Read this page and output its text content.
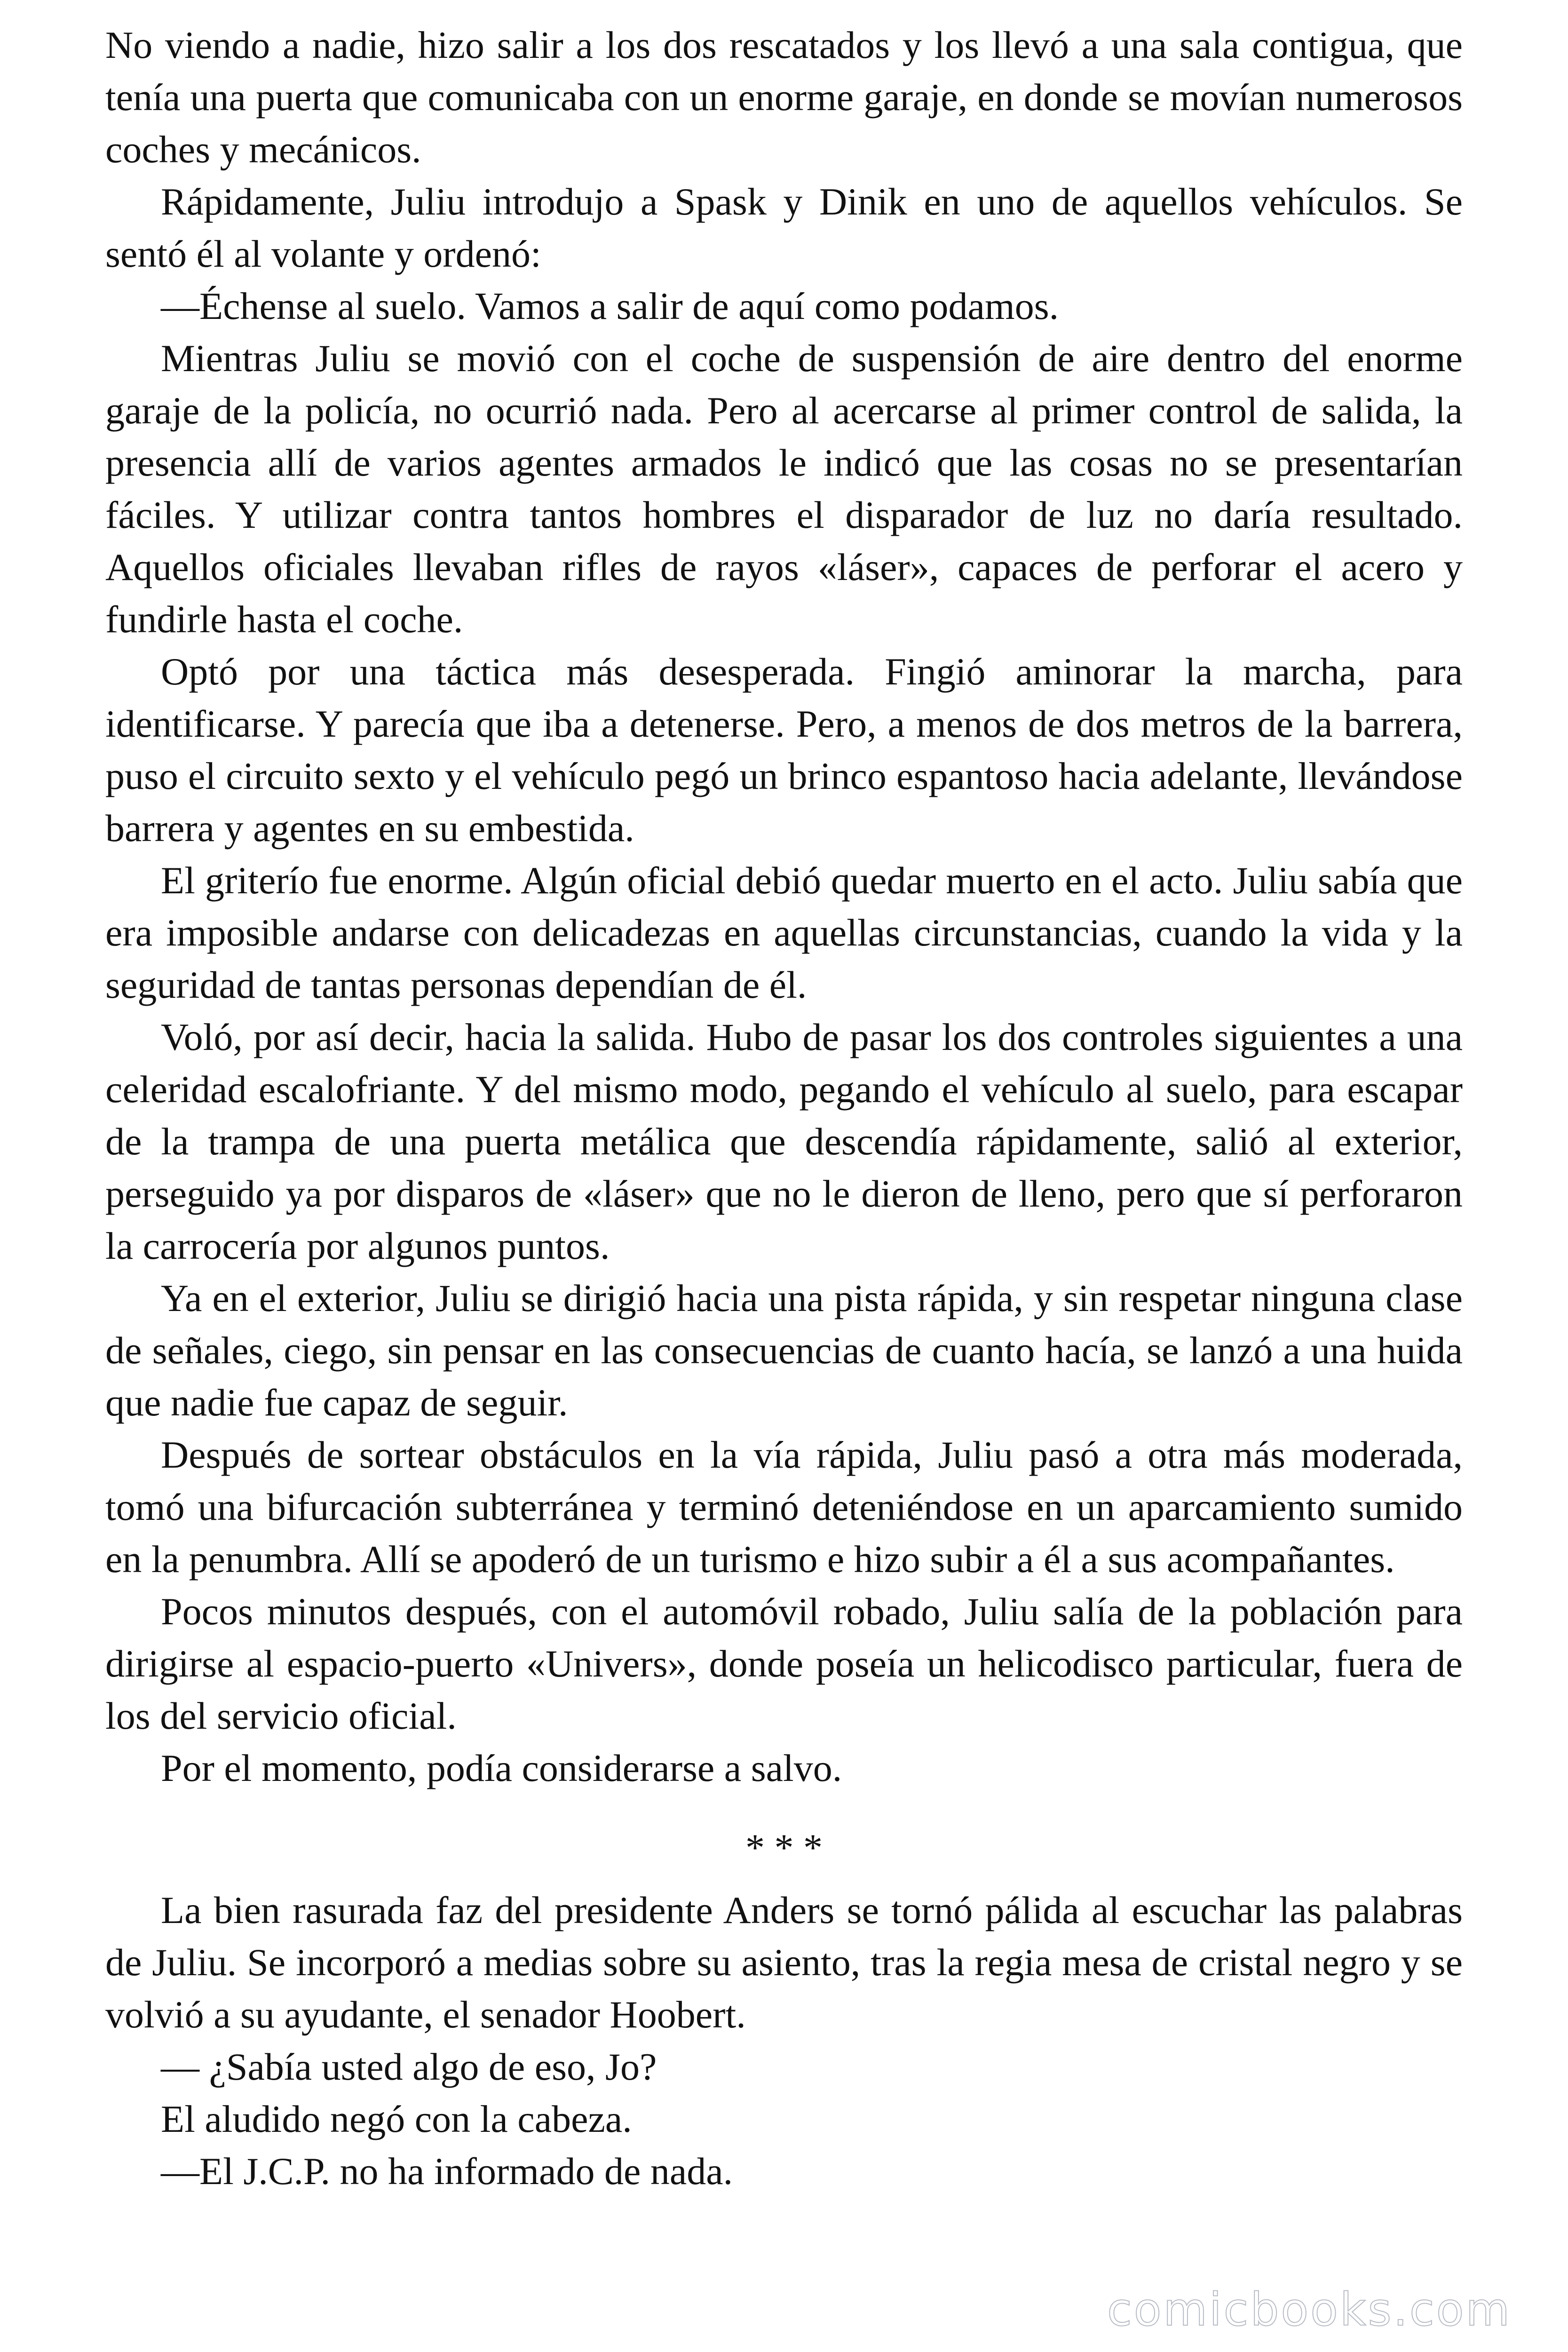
No viendo a nadie, hizo salir a los dos rescatados y los llevó a una sala contigua, que tenía una puerta que comunicaba con un enorme garaje, en donde se movían numerosos coches y mecánicos.

Rápidamente, Juliu introdujo a Spask y Dinik en uno de aquellos vehículos. Se sentó él al volante y ordenó:

—Échense al suelo. Vamos a salir de aquí como podamos.

Mientras Juliu se movió con el coche de suspensión de aire dentro del enorme garaje de la policía, no ocurrió nada. Pero al acercarse al primer control de salida, la presencia allí de varios agentes armados le indicó que las cosas no se presentarían fáciles. Y utilizar contra tantos hombres el disparador de luz no daría resultado. Aquellos oficiales llevaban rifles de rayos «láser», capaces de perforar el acero y fundirle hasta el coche.

Optó por una táctica más desesperada. Fingió aminorar la marcha, para identificarse. Y parecía que iba a detenerse. Pero, a menos de dos metros de la barrera, puso el circuito sexto y el vehículo pegó un brinco espantoso hacia adelante, llevándose barrera y agentes en su embestida.

El griterío fue enorme. Algún oficial debió quedar muerto en el acto. Juliu sabía que era imposible andarse con delicadezas en aquellas circunstancias, cuando la vida y la seguridad de tantas personas dependían de él.

Voló, por así decir, hacia la salida. Hubo de pasar los dos controles siguientes a una celeridad escalofriante. Y del mismo modo, pegando el vehículo al suelo, para escapar de la trampa de una puerta metálica que descendía rápidamente, salió al exterior, perseguido ya por disparos de «láser» que no le dieron de lleno, pero que sí perforaron la carrocería por algunos puntos.

Ya en el exterior, Juliu se dirigió hacia una pista rápida, y sin respetar ninguna clase de señales, ciego, sin pensar en las consecuencias de cuanto hacía, se lanzó a una huida que nadie fue capaz de seguir.

Después de sortear obstáculos en la vía rápida, Juliu pasó a otra más moderada, tomó una bifurcación subterránea y terminó deteniéndose en un aparcamiento sumido en la penumbra. Allí se apoderó de un turismo e hizo subir a él a sus acompañantes.

Pocos minutos después, con el automóvil robado, Juliu salía de la población para dirigirse al espacio-puerto «Univers», donde poseía un helicodisco particular, fuera de los del servicio oficial.

Por el momento, podía considerarse a salvo.

* * *

La bien rasurada faz del presidente Anders se tornó pálida al escuchar las palabras de Juliu. Se incorporó a medias sobre su asiento, tras la regia mesa de cristal negro y se volvió a su ayudante, el senador Hoobert.

— ¿Sabía usted algo de eso, Jo?

El aludido negó con la cabeza.

—El J.C.P. no ha informado de nada.

comicbooks.com
